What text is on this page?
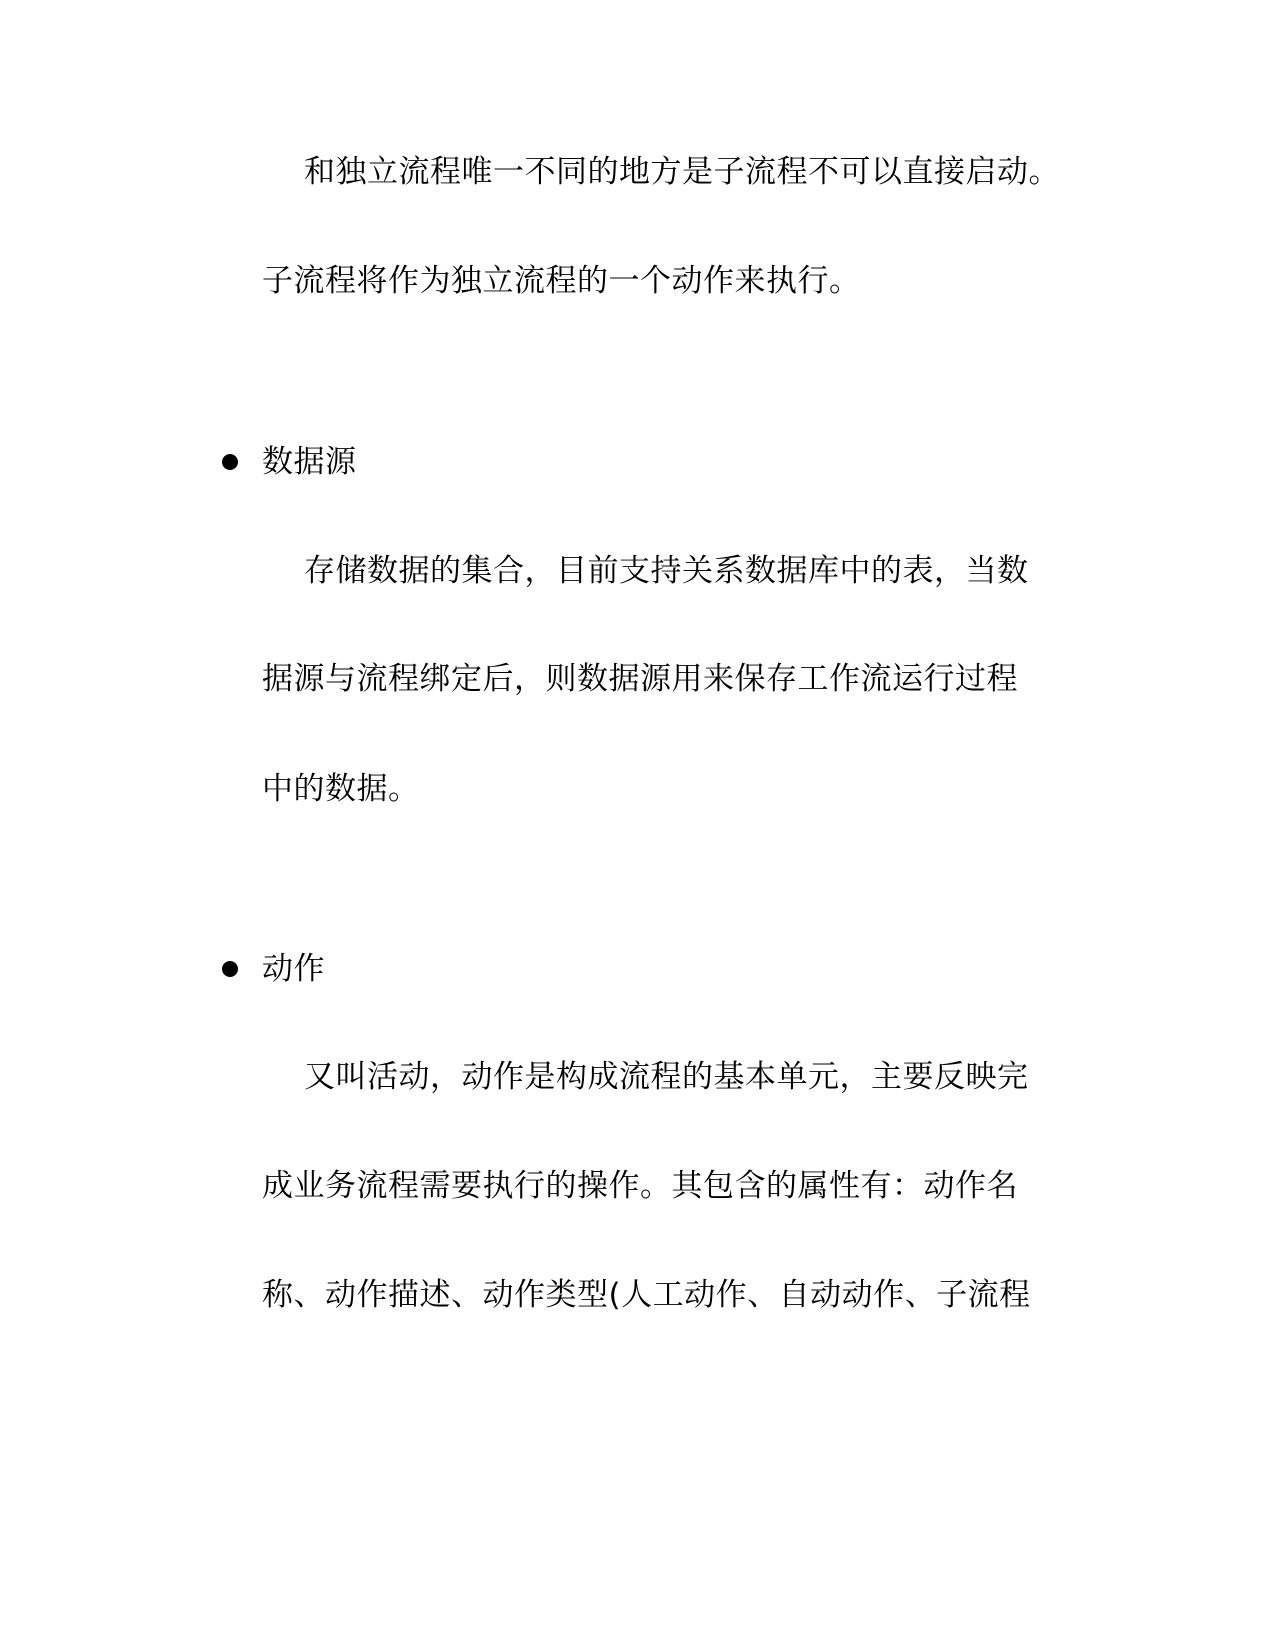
和独立流程唯一不同的地方是子流程不可以直接启动。
子流程将作为独立流程的一个动作来执行。
数据源
存储数据的集合，目前支持关系数据库中的表，当数
据源与流程绑定后，则数据源用来保存工作流运行过程
中的数据。
动作
又叫活动，动作是构成流程的基本单元，主要反映完
成业务流程需要执行的操作。其包含的属性有：动作名
称、动作描述、动作类型(人工动作、自动动作、子流程
